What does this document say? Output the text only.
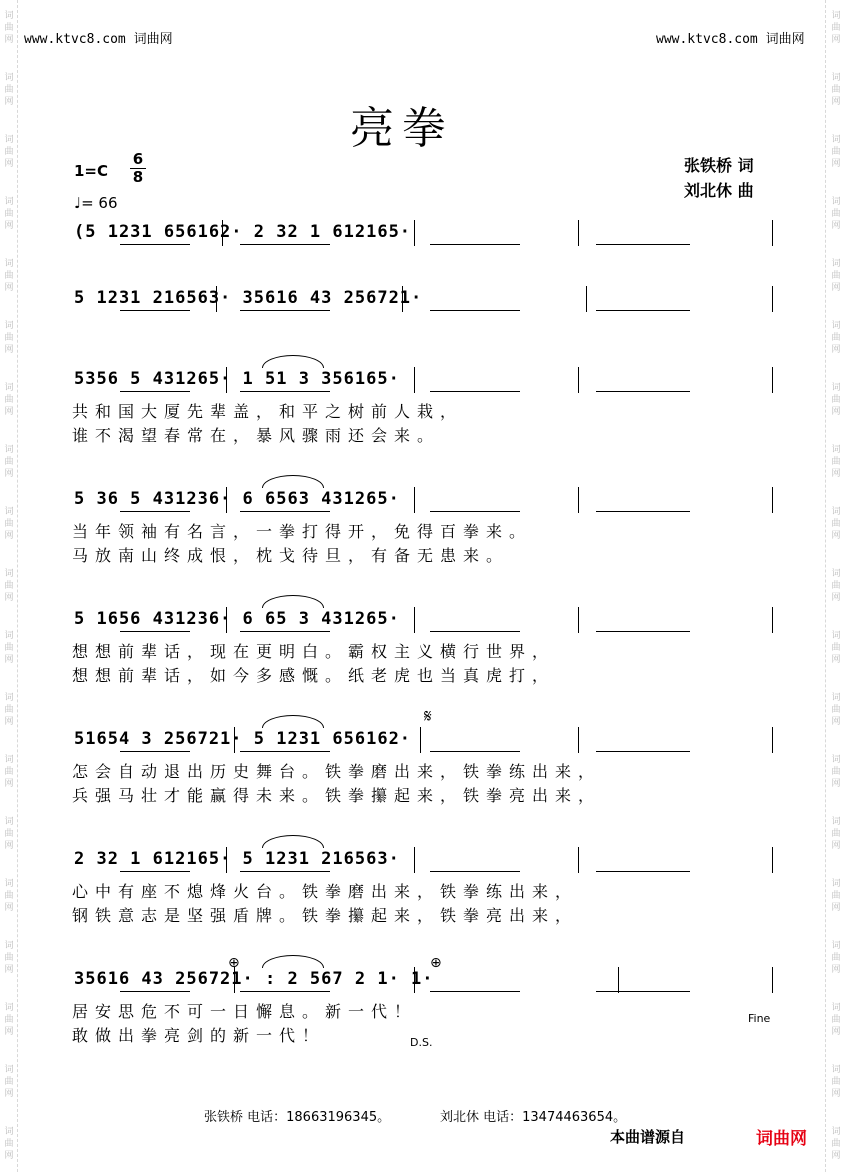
词
曲
网
词
曲
网
词
曲
网
词
曲
网
词
曲
网
词
曲
网
词
曲
网
词
曲
网
词
曲
网
词
曲
网
词
曲
网
词
曲
网
词
曲
网
词
曲
网
词
曲
网
词
曲
网
词
曲
网
词
曲
网
词
曲
网
词
曲
网
词
曲
网
词
曲
网
词
曲
网
词
曲
网
词
曲
网
词
曲
网
词
曲
网
词
曲
网
词
曲
网
词
曲
网
词
曲
网
词
曲
网
词
曲
网
词
曲
网
词
曲
网
词
曲
网
词
曲
网
词
曲
网
www.ktvc8.com 词曲网	www.ktvc8.com 词曲网
亮拳
1=C
6
8
♩= 66
张铁桥 词
刘北休 曲
(5 1231 656162· 2 32 1 612165·
5 1231 216563· 35616 43 256721·
5356 5 431265· 1 51 3 356165·
共和国大厦先辈盖，和平之树前人栽，
谁不渴望春常在，暴风骤雨还会来。
5 36 5 431236· 6 6563 431265·
当年领袖有名言，一拳打得开，免得百拳来。
马放南山终成恨，枕戈待旦，有备无患来。
5 1656 431236· 6 65 3 431265·
想想前辈话，现在更明白。霸权主义横行世界，
想想前辈话，如今多感慨。纸老虎也当真虎打，
51654 3 256721· 5 1231 656162·
怎会自动退出历史舞台。铁拳磨出来，铁拳练出来，
兵强马壮才能赢得未来。铁拳攥起来，铁拳亮出来，
2 32 1 612165· 5 1231 216563·
心中有座不熄烽火台。铁拳磨出来，铁拳练出来，
钢铁意志是坚强盾牌。铁拳攥起来，铁拳亮出来，
35616 43 256721· : 2 567 2 1· 1·
居安思危不可一日懈息。新一代！
敢做出拳亮剑的新一代！
𝄋
⊕	⊕
D.S.
Fine
张铁桥 电话：18663196345。	刘北休 电话：13474463654。
本曲谱源自	词曲网
